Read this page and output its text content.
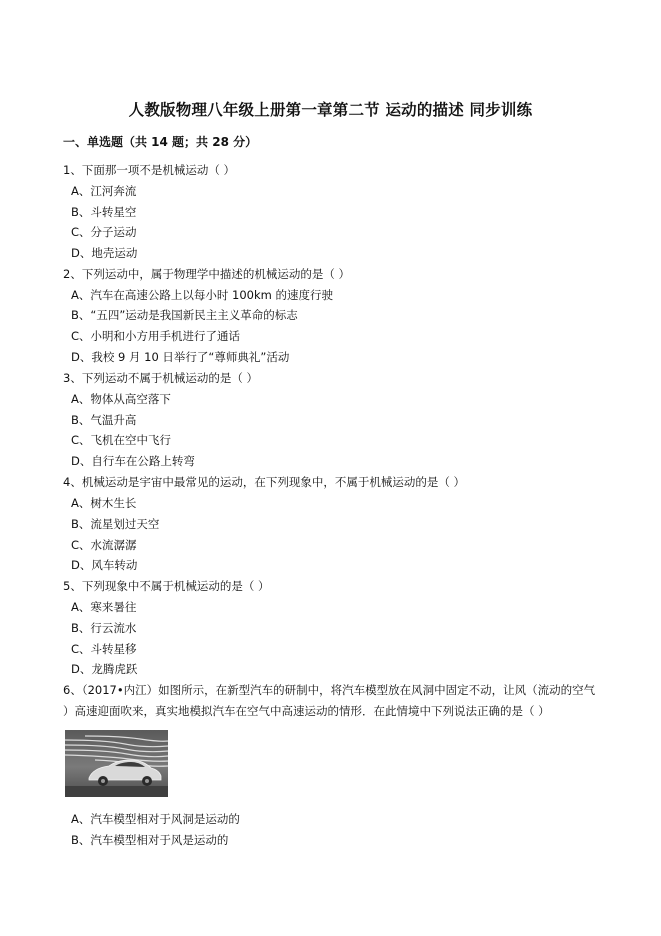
人教版物理八年级上册第一章第二节 运动的描述 同步训练
一、单选题（共 14 题；共 28 分）
1、下面那一项不是机械运动（ ）
A、江河奔流
B、斗转星空
C、分子运动
D、地壳运动
2、下列运动中，属于物理学中描述的机械运动的是（ ）
A、汽车在高速公路上以每小时 100km 的速度行驶
B、“五四”运动是我国新民主主义革命的标志
C、小明和小方用手机进行了通话
D、我校 9 月 10 日举行了“尊师典礼”活动
3、下列运动不属于机械运动的是（ ）
A、物体从高空落下
B、气温升高
C、飞机在空中飞行
D、自行车在公路上转弯
4、机械运动是宇宙中最常见的运动，在下列现象中，不属于机械运动的是（ ）
A、树木生长
B、流星划过天空
C、水流潺潺
D、风车转动
5、下列现象中不属于机械运动的是（ ）
A、寒来暑往
B、行云流水
C、斗转星移
D、龙腾虎跃
6、（2017•内江）如图所示，在新型汽车的研制中，将汽车模型放在风洞中固定不动，让风（流动的空气
）高速迎面吹来，真实地模拟汽车在空气中高速运动的情形．在此情境中下列说法正确的是（ ）
A、汽车模型相对于风洞是运动的
B、汽车模型相对于风是运动的
